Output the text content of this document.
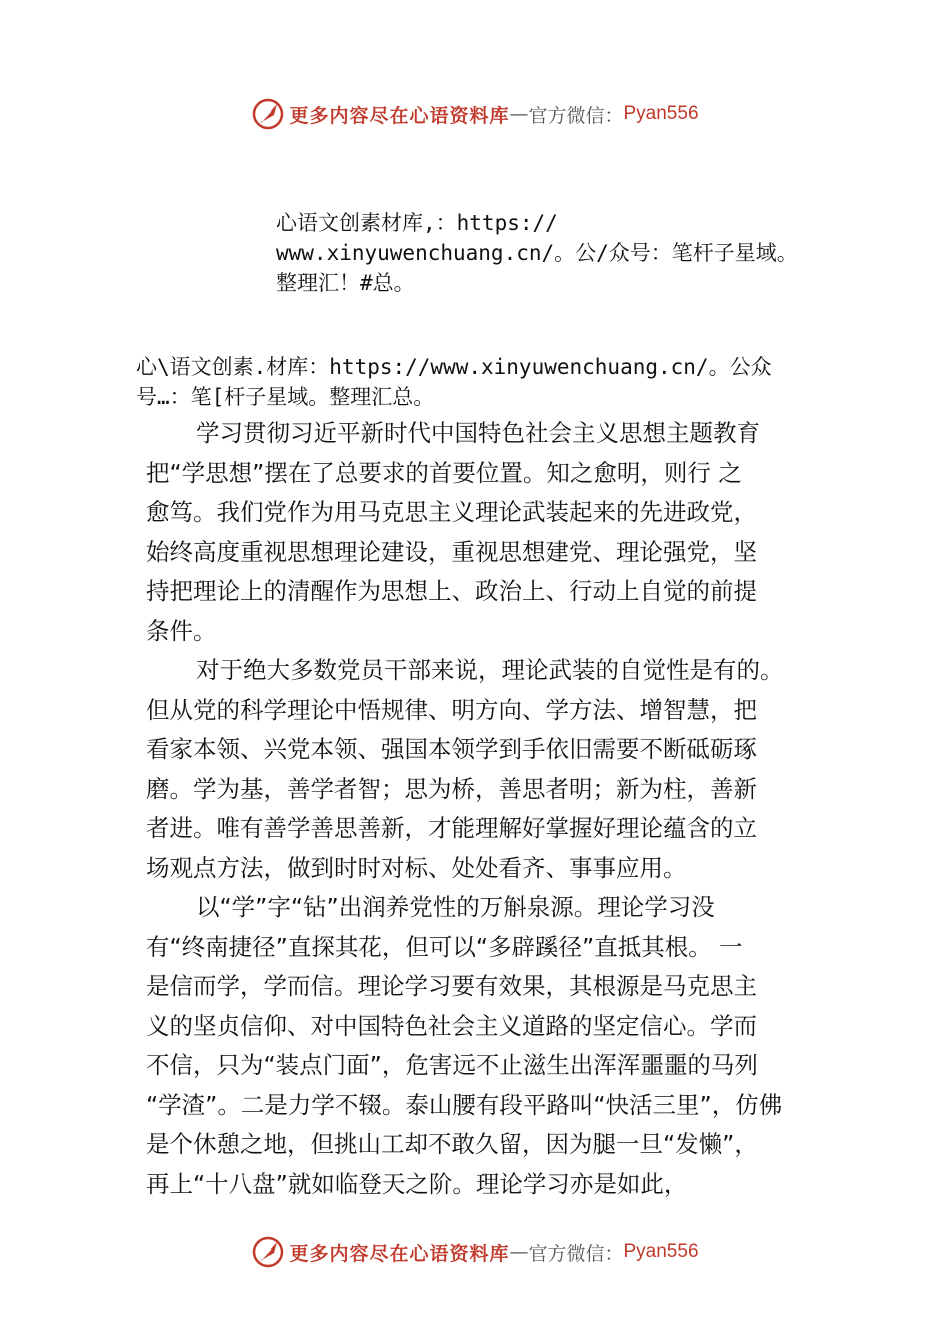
更多内容尽在心语资料库 — 官方微信： Pyan556
心语文创素材库,：https://
www.xinyuwenchuang.cn/。公/众号：笔杆子星域。
整理汇！#总。
心\语文创素.材库：https://www.xinyuwenchuang.cn/。公众
号…：笔[杆子星域。整理汇总。
学习贯彻习近平新时代中国特色社会主义思想主题教育
把“学思想”摆在了总要求的首要位置。知之愈明，则行 之
愈笃。我们党作为用马克思主义理论武装起来的先进政党，
始终高度重视思想理论建设，重视思想建党、理论强党，坚
持把理论上的清醒作为思想上、政治上、行动上自觉的前提
条件。
对于绝大多数党员干部来说，理论武装的自觉性是有的。
但从党的科学理论中悟规律、明方向、学方法、增智慧，把
看家本领、兴党本领、强国本领学到手依旧需要不断砥砺琢
磨。学为基，善学者智；思为桥，善思者明；新为柱，善新
者进。唯有善学善思善新，才能理解好掌握好理论蕴含的立
场观点方法，做到时时对标、处处看齐、事事应用。
以“学”字“钻”出润养党性的万斛泉源。理论学习没
有“终南捷径”直探其花，但可以“多辟蹊径”直抵其根。 一
是信而学，学而信。理论学习要有效果，其根源是马克思主
义的坚贞信仰、对中国特色社会主义道路的坚定信心。学而
不信，只为“装点门面”，危害远不止滋生出浑浑噩噩的马列
“学渣”。二是力学不辍。泰山腰有段平路叫“快活三里”，仿佛
是个休憩之地，但挑山工却不敢久留，因为腿一旦“发懒”，
再上“十八盘”就如临登天之阶。理论学习亦是如此，
更多内容尽在心语资料库 — 官方微信： Pyan556
